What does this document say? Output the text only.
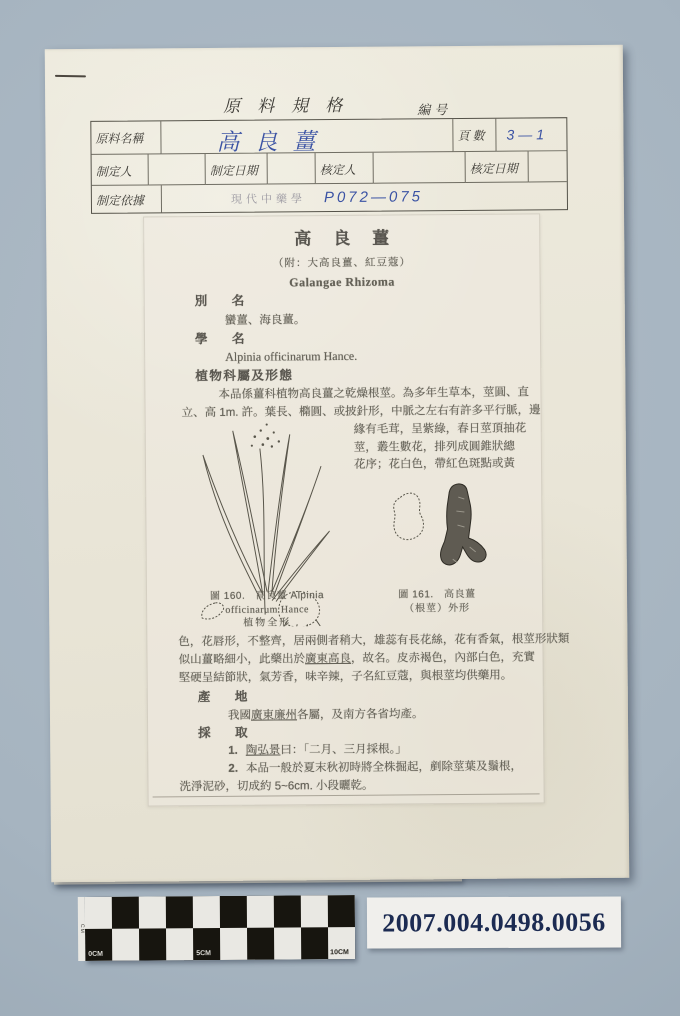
原料規格	編号
原料名稱	高良薑	頁數	3—1
制定人	制定日期	核定人	核定日期
制定依據	現代中藥學 P072—075
高良薑
（附：大高良薑、紅豆蔻）
Galangae Rhizoma
別　名
蠻薑、海良薑。
學　名
Alpinia officinarum Hance.
植物科屬及形態
本品係薑科植物高良薑之乾燥根莖。為多年生草本，莖圓、直
立、高 1m. 許。葉長、橢圓、或披針形，中脈之左右有許多平行脈，邊
緣有毛茸，呈紫綠，春日莖頂抽花
莖，叢生數花，排列成圓錐狀總
花序；花白色，帶紅色斑點或黃
圖 160.　高良薑 Alpinia
officinarum Hance
植物全形
圖 161.　高良薑
（根莖）外形
色，花唇形，不整齊，居兩側者稍大，雄蕊有長花絲，花有香氣，根莖形狀類
似山薑略細小，此藥出於廣東高良，故名。皮赤褐色，內部白色，充實
堅硬呈結節狀，氣芳香，味辛辣，子名紅豆蔻，與根莖均供藥用。
產　地
我國廣東廉州各屬，及南方各省均產。
採　取
1. 陶弘景曰：「二月、三月採根。」
2. 本品一般於夏末秋初時將全株掘起，剷除莖葉及鬚根，
洗淨泥砂，切成約 5~6cm. 小段曬乾。
CM
0CM	5CM	10CM
2007.004.0498.0056
